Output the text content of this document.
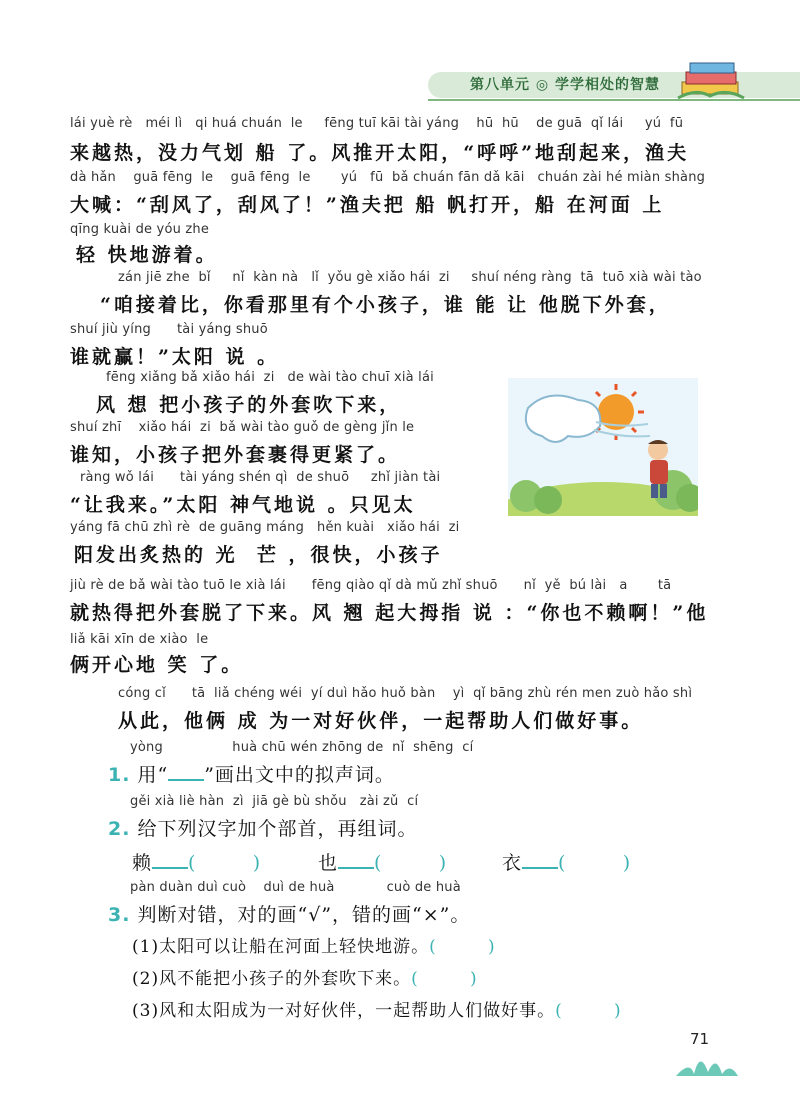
第八单元 ◎ 学学相处的智慧
lái yuè rè   méi lì   qi huá chuán  le     fēng tuī kāi tài yáng    hū  hū    de guā  qǐ lái     yú  fū
来越热，没力气划 船 了。风推开太阳，“呼呼”地刮起来，渔夫
dà hǎn    guā fēng  le    guā fēng  le       yú   fū  bǎ chuán fān dǎ kāi   chuán zài hé miàn shàng
大喊：“刮风了，刮风了！”渔夫把 船 帆打开，船 在河面 上
qīng kuài de yóu zhe
轻 快地游着。
zán jiē zhe  bǐ     nǐ  kàn nà   lǐ  yǒu gè xiǎo hái  zi     shuí néng ràng  tā  tuō xià wài tào
“咱接着比，你看那里有个小孩子，谁 能 让 他脱下外套，
shuí jiù yíng      tài yáng shuō
谁就赢！”太阳 说 。
fēng xiǎng bǎ xiǎo hái  zi   de wài tào chuī xià lái
风 想 把小孩子的外套吹下来，
shuí zhī    xiǎo hái  zi  bǎ wài tào guǒ de gèng jǐn le
谁知，小孩子把外套裹得更紧了。
ràng wǒ lái      tài yáng shén qì  de shuō     zhǐ jiàn tài
“让我来。”太阳 神气地说 。只见太
yáng fā chū zhì rè  de guāng máng   hěn kuài   xiǎo hái  zi
阳发出炙热的 光  芒 ，很快，小孩子
jiù rè de bǎ wài tào tuō le xià lái      fēng qiào qǐ dà mǔ zhǐ shuō      nǐ  yě  bú lài   a       tā
就热得把外套脱了下来。风 翘 起大拇指 说 ：“你也不赖啊！”他
liǎ kāi xīn de xiào  le
俩开心地 笑 了。
cóng cǐ      tā  liǎ chéng wéi  yí duì hǎo huǒ bàn    yì  qǐ bāng zhù rén men zuò hǎo shì
从此，他俩 成 为一对好伙伴，一起帮助人们做好事。
yòng                huà chū wén zhōng de  nǐ  shēng  cí
1. 用“ ”画出文中的拟声词。
gěi xià liè hàn  zì  jiā gè bù shǒu   zài zǔ  cí
2. 给下列汉字加个部首，再组词。
赖 (        )	也 (        )	衣 (        )
pàn duàn duì cuò    duì de huà            cuò de huà
3. 判断对错，对的画“√”，错的画“×”。
(1)太阳可以让船在河面上轻快地游。(        )
(2)风不能把小孩子的外套吹下来。(        )
(3)风和太阳成为一对好伙伴，一起帮助人们做好事。(        )
71
